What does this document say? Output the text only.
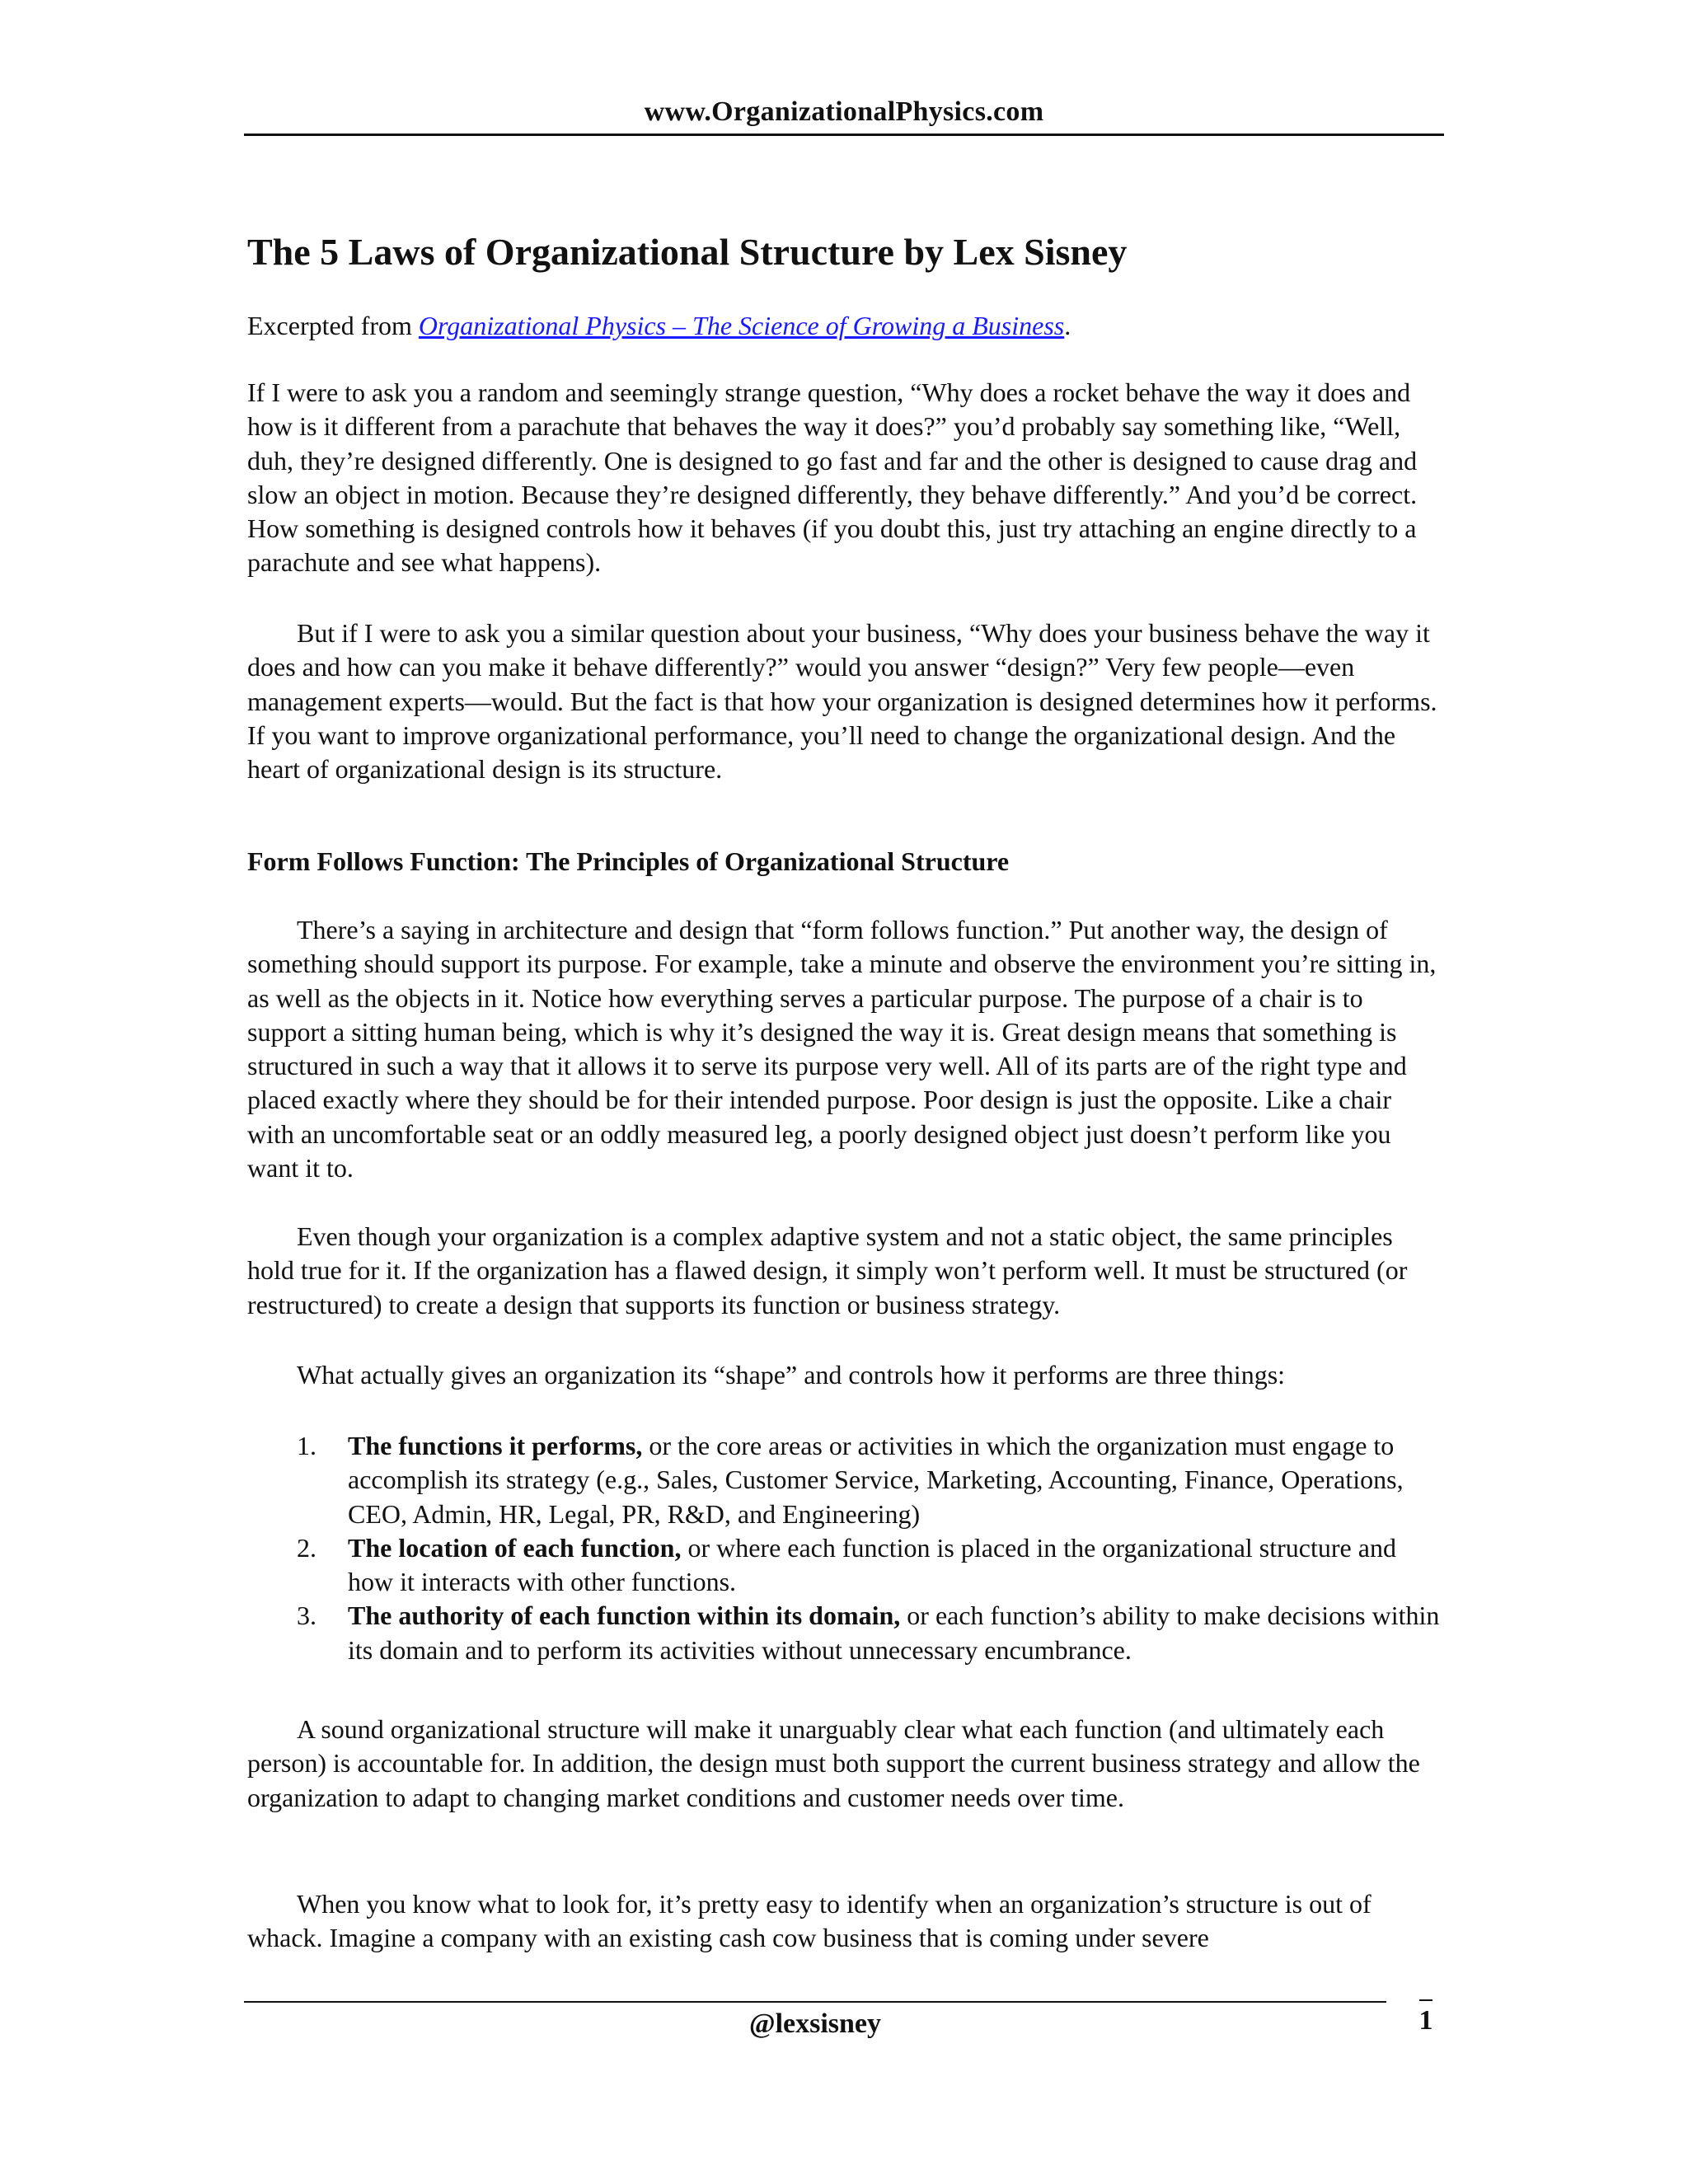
www.OrganizationalPhysics.com
The 5 Laws of Organizational Structure by Lex Sisney

Excerpted from Organizational Physics – The Science of Growing a Business.

If I were to ask you a random and seemingly strange question, “Why does a rocket behave the way it does and how is it different from a parachute that behaves the way it does?” you’d probably say something like, “Well, duh, they’re designed differently. One is designed to go fast and far and the other is designed to cause drag and slow an object in motion. Because they’re designed differently, they behave differently.” And you’d be correct. How something is designed controls how it behaves (if you doubt this, just try attaching an engine directly to a parachute and see what happens).

But if I were to ask you a similar question about your business, “Why does your business behave the way it does and how can you make it behave differently?” would you answer “design?” Very few people—even management experts—would. But the fact is that how your organization is designed determines how it performs. If you want to improve organizational performance, you’ll need to change the organizational design. And the heart of organizational design is its structure.

Form Follows Function: The Principles of Organizational Structure

There’s a saying in architecture and design that “form follows function.” Put another way, the design of something should support its purpose. For example, take a minute and observe the environment you’re sitting in, as well as the objects in it. Notice how everything serves a particular purpose. The purpose of a chair is to support a sitting human being, which is why it’s designed the way it is. Great design means that something is structured in such a way that it allows it to serve its purpose very well. All of its parts are of the right type and placed exactly where they should be for their intended purpose. Poor design is just the opposite. Like a chair with an uncomfortable seat or an oddly measured leg, a poorly designed object just doesn’t perform like you want it to.

Even though your organization is a complex adaptive system and not a static object, the same principles hold true for it. If the organization has a flawed design, it simply won’t perform well. It must be structured (or restructured) to create a design that supports its function or business strategy.

What actually gives an organization its “shape” and controls how it performs are three things:

1. The functions it performs, or the core areas or activities in which the organization must engage to accomplish its strategy (e.g., Sales, Customer Service, Marketing, Accounting, Finance, Operations, CEO, Admin, HR, Legal, PR, R&D, and Engineering)
2. The location of each function, or where each function is placed in the organizational structure and how it interacts with other functions.
3. The authority of each function within its domain, or each function’s ability to make decisions within its domain and to perform its activities without unnecessary encumbrance.

A sound organizational structure will make it unarguably clear what each function (and ultimately each person) is accountable for. In addition, the design must both support the current business strategy and allow the organization to adapt to changing market conditions and customer needs over time.

When you know what to look for, it’s pretty easy to identify when an organization’s structure is out of whack. Imagine a company with an existing cash cow business that is coming under severe

@lexsisney	1
